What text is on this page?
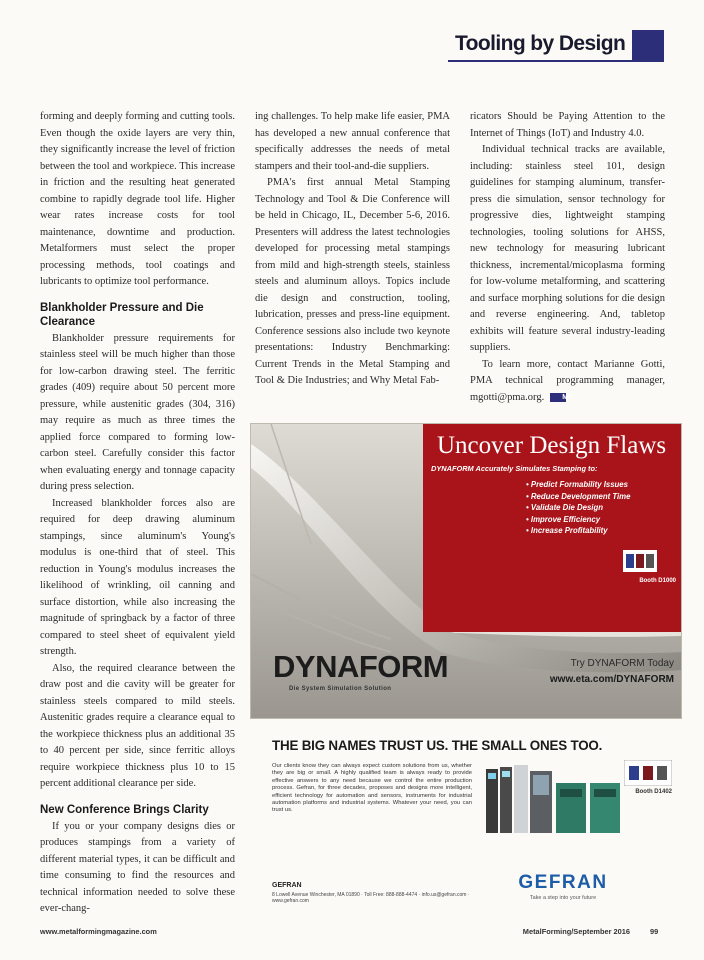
Tooling by Design

forming and deeply forming and cutting tools. Even though the oxide layers are very thin, they significantly increase the level of friction between the tool and workpiece. This increase in friction and the resulting heat generated combine to rapidly degrade tool life. Higher wear rates increase costs for tool maintenance, downtime and production. Metalformers must select the proper processing methods, tool coatings and lubricants to optimize tool performance.

Blankholder Pressure and Die Clearance

Blankholder pressure requirements for stainless steel will be much higher than those for low-carbon drawing steel. The ferritic grades (409) require about 50 percent more pressure, while austenitic grades (304, 316) may require as much as three times the applied force compared to forming low-carbon steel. Carefully consider this factor when evaluating energy and tonnage capacity during press selection.

Increased blankholder forces also are required for deep drawing aluminum stampings, since aluminum's Young's modulus is one-third that of steel. This reduction in Young's modulus increases the likelihood of wrinkling, oil canning and surface distortion, while also increasing the magnitude of springback by a factor of three compared to steel sheet of equivalent yield strength.

Also, the required clearance between the draw post and die cavity will be greater for stainless steels compared to mild steels. Austenitic grades require a clearance equal to the workpiece thickness plus an additional 35 to 40 percent per side, since ferritic alloys require workpiece thickness plus 10 to 15 percent additional clearance per side.

New Conference Brings Clarity

If you or your company designs dies or produces stampings from a variety of different material types, it can be difficult and time consuming to find the resources and technical information needed to solve these ever-chang-

ing challenges. To help make life easier, PMA has developed a new annual conference that specifically addresses the needs of metal stampers and their tool-and-die suppliers.

PMA's first annual Metal Stamping Technology and Tool & Die Conference will be held in Chicago, IL, December 5-6, 2016. Presenters will address the latest technologies developed for processing metal stampings from mild and high-strength steels, stainless steels and aluminum alloys. Topics include die design and construction, tooling, lubrication, presses and press-line equipment. Conference sessions also include two keynote presentations: Industry Benchmarking: Current Trends in the Metal Stamping and Tool & Die Industries; and Why Metal Fab-

ricators Should be Paying Attention to the Internet of Things (IoT) and Industry 4.0.

Individual technical tracks are available, including: stainless steel 101, design guidelines for stamping aluminum, transfer-press die simulation, sensor technology for progressive dies, lightweight stamping technologies, tooling solutions for AHSS, new technology for measuring lubricant thickness, incremental/micoplasma forming for low-volume metalforming, and scattering and surface morphing solutions for die design and reverse engineering. And, tabletop exhibits will feature several industry-leading suppliers.

To learn more, contact Marianne Gotti, PMA technical programming manager, mgotti@pma.org.	MF

Uncover Design Flaws
DYNAFORM Accurately Simulates Stamping to:
• Predict Formability Issues
• Reduce Development Time
• Validate Die Design
• Improve Efficiency
• Increase Profitability
Booth D1000
DYNAFORM
Die System Simulation Solution
Try DYNAFORM Today
www.eta.com/DYNAFORM
THE BIG NAMES TRUST US. THE SMALL ONES TOO.
Our clients know they can always expect custom solutions from us, whether they are big or small. A highly qualified team is always ready to provide effective answers to any need because we control the entire production process. Gefran, for three decades, proposes and designs more intelligent, efficient technology for automation and sensors, instruments for industrial automation platforms and industrial systems. Whatever your need, you can trust us.
GEFRAN
8 Lowell Avenue Winchester, MA 01890 · Toll Free: 888-888-4474 · info.us@gefran.com · www.gefran.com
Booth D1402
GEFRAN
Take a step into your future
www.metalformingmagazine.com	MetalForming/September 2016	99
